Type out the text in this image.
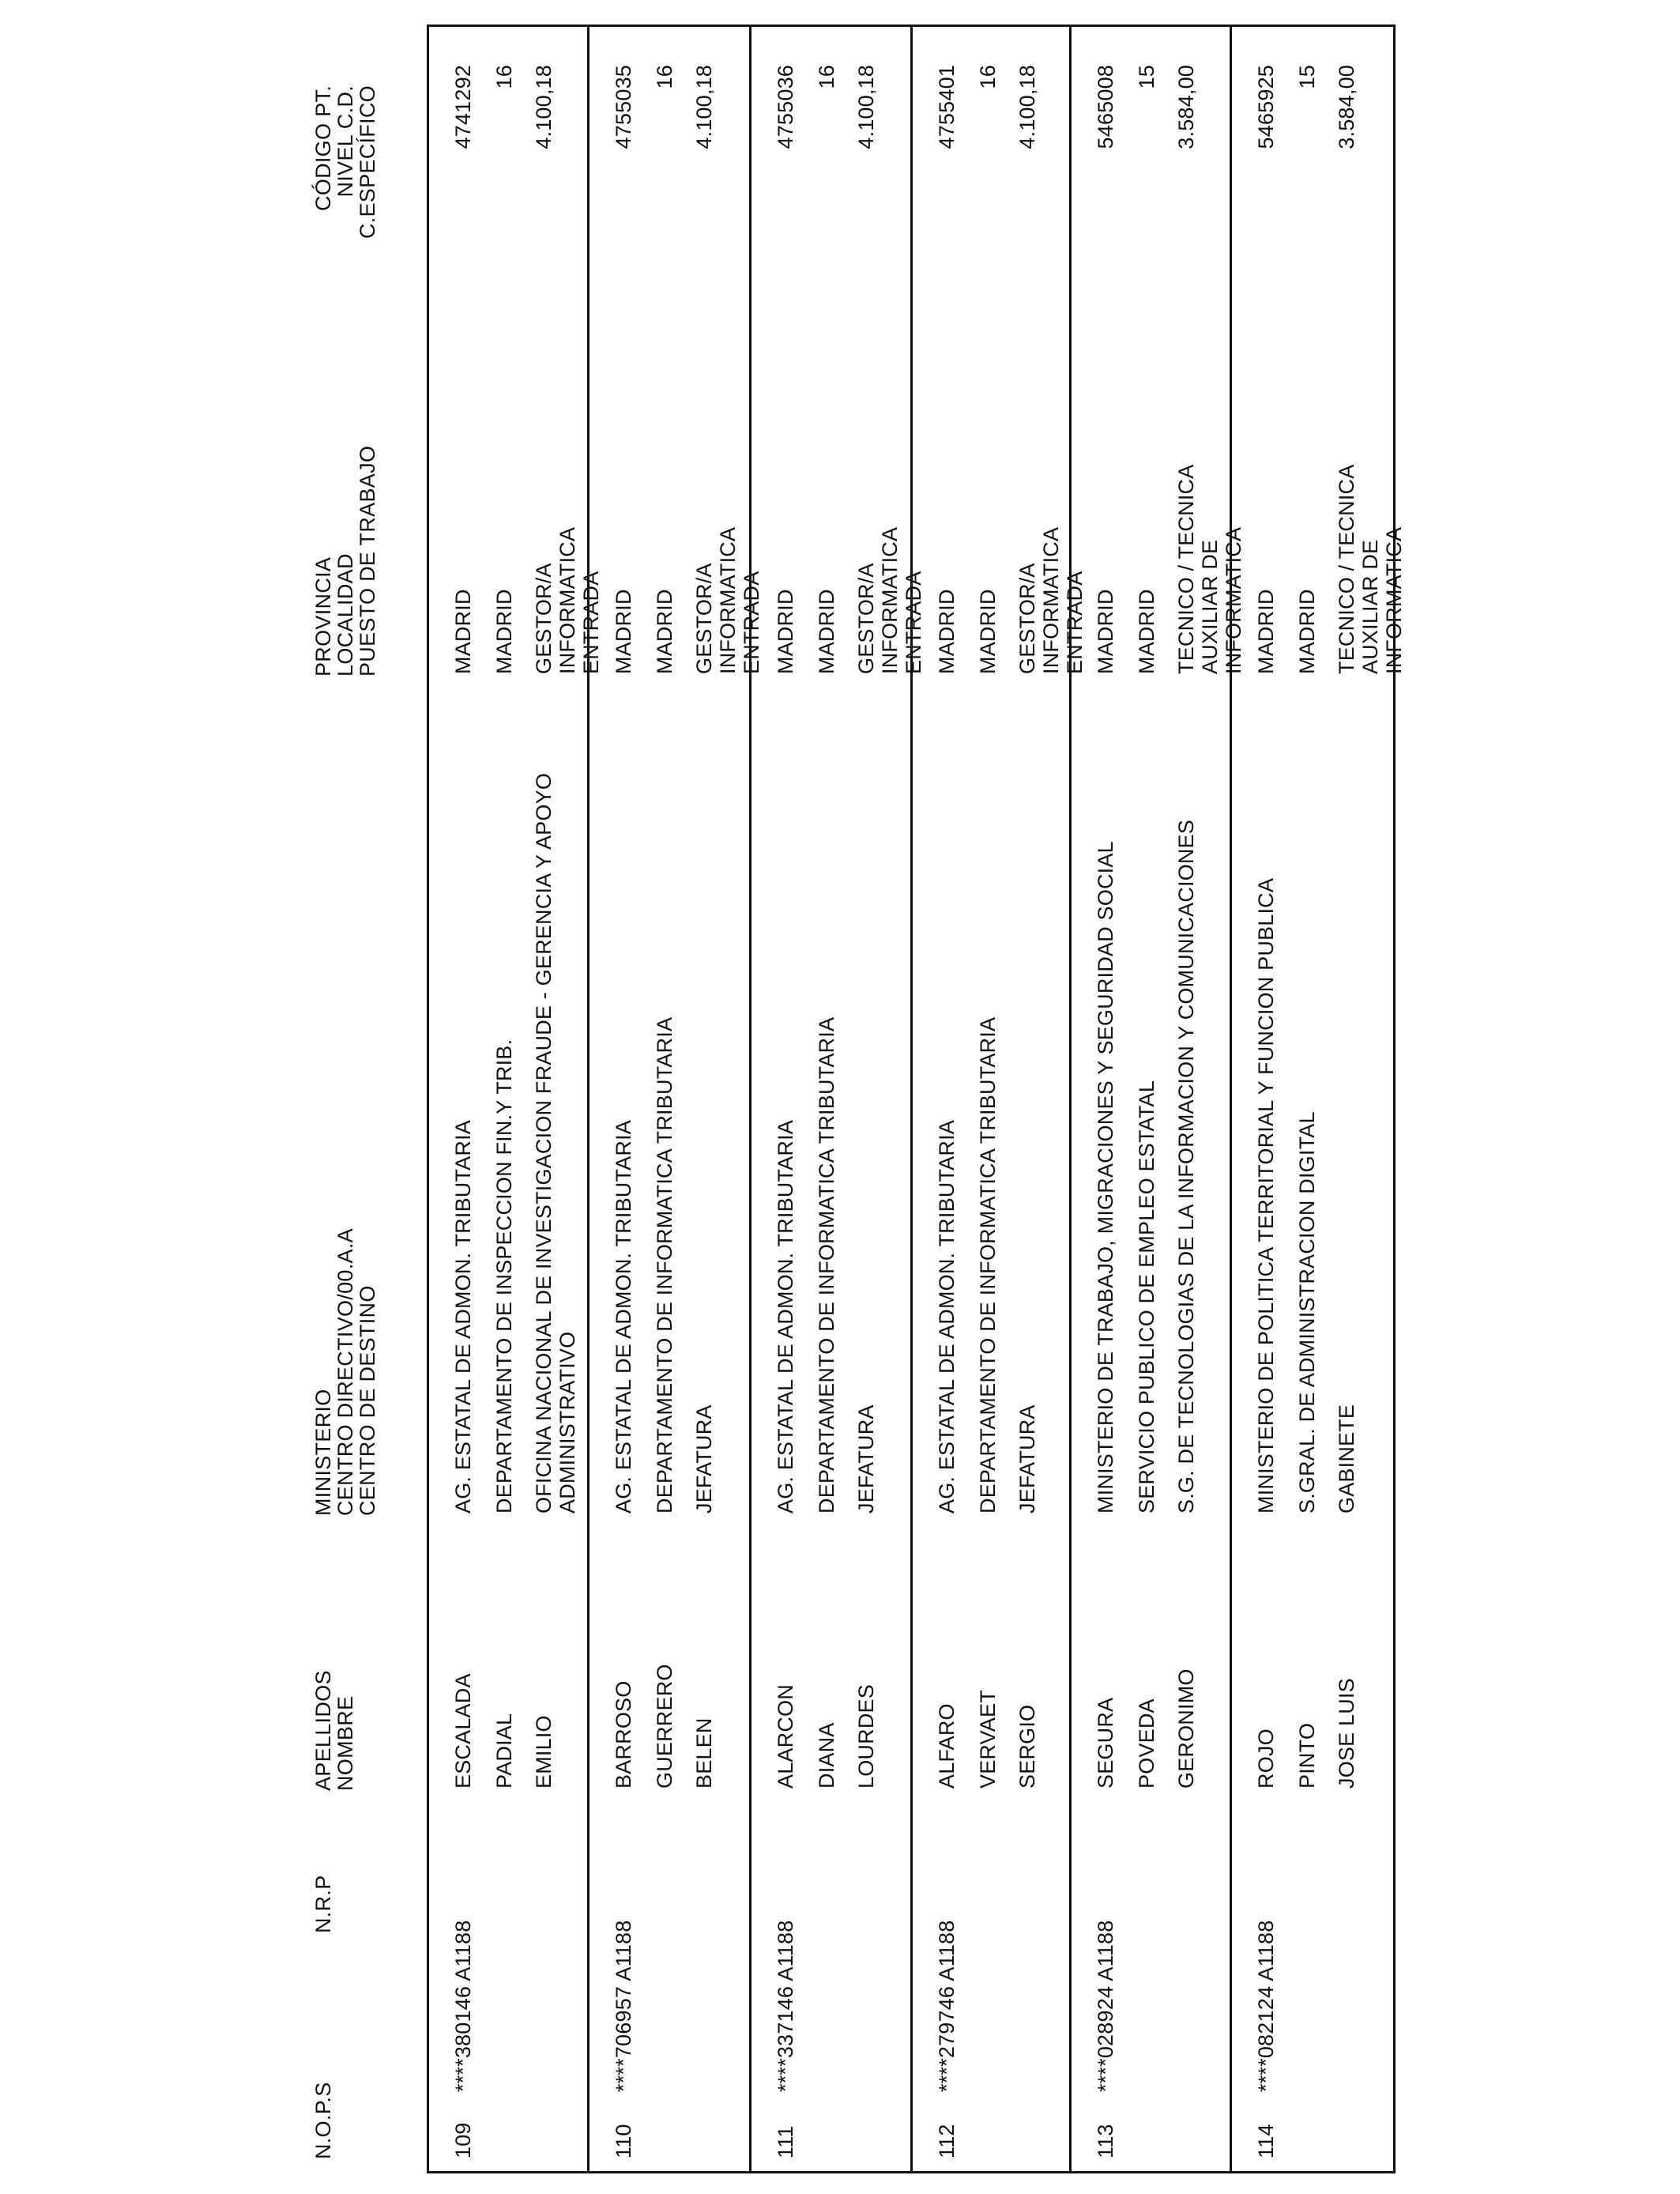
N.O.P.S
N.R.P
APELLIDOS
NOMBRE
MINISTERIO
CENTRO DIRECTIVO/00.A.A
CENTRO DE DESTINO
PROVINCIA
LOCALIDAD
PUESTO DE TRABAJO
CÓDIGO PT.
NIVEL C.D.
C.ESPECÍFICO
109
****380146 A1188
ESCALADA PADIAL EMILIO
AG. ESTATAL DE ADMON. TRIBUTARIA DEPARTAMENTO DE INSPECCION FIN.Y TRIB. OFICINA NACIONAL DE INVESTIGACION FRAUDE - GERENCIA Y APOYO ADMINISTRATIVO
MADRID MADRID GESTOR/A INFORMATICA ENTRADA
4741292 16 4.100,18
110
****706957 A1188
BARROSO GUERRERO BELEN
AG. ESTATAL DE ADMON. TRIBUTARIA DEPARTAMENTO DE INFORMATICA TRIBUTARIA JEFATURA
MADRID MADRID GESTOR/A INFORMATICA ENTRADA
4755035 16 4.100,18
111
****337146 A1188
ALARCON DIANA LOURDES
AG. ESTATAL DE ADMON. TRIBUTARIA DEPARTAMENTO DE INFORMATICA TRIBUTARIA JEFATURA
MADRID MADRID GESTOR/A INFORMATICA ENTRADA
4755036 16 4.100,18
112
****279746 A1188
ALFARO VERVAET SERGIO
AG. ESTATAL DE ADMON. TRIBUTARIA DEPARTAMENTO DE INFORMATICA TRIBUTARIA JEFATURA
MADRID MADRID GESTOR/A INFORMATICA ENTRADA
4755401 16 4.100,18
113
****028924 A1188
SEGURA POVEDA GERONIMO
MINISTERIO DE TRABAJO, MIGRACIONES Y SEGURIDAD SOCIAL SERVICIO PUBLICO DE EMPLEO ESTATAL S.G. DE TECNOLOGIAS DE LA INFORMACION Y COMUNICACIONES
MADRID MADRID TECNICO / TECNICA AUXILIAR DE INFORMATICA
5465008 15 3.584,00
114
****082124 A1188
ROJO PINTO JOSE LUIS
MINISTERIO DE POLITICA TERRITORIAL Y FUNCION PUBLICA S.GRAL. DE ADMINISTRACION DIGITAL GABINETE
MADRID MADRID TECNICO / TECNICA AUXILIAR DE INFORMATICA
5465925 15 3.584,00
